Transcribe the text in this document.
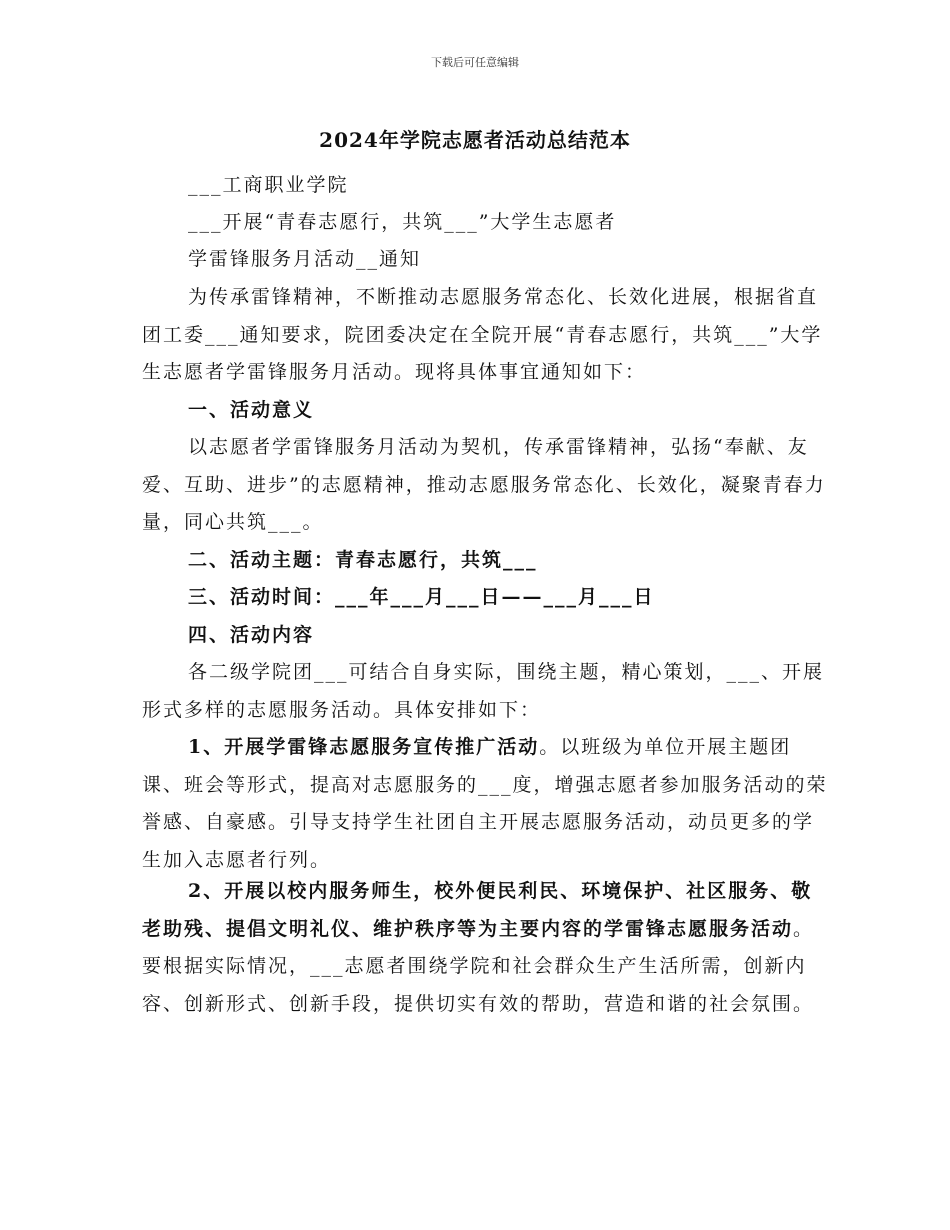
下载后可任意编辑
2024年学院志愿者活动总结范本

___工商职业学院

___开展“青春志愿行，共筑___”大学生志愿者

学雷锋服务月活动__通知

为传承雷锋精神，不断推动志愿服务常态化、长效化进展，根据省直团工委___通知要求，院团委决定在全院开展“青春志愿行，共筑___”大学生志愿者学雷锋服务月活动。现将具体事宜通知如下：

一、活动意义

以志愿者学雷锋服务月活动为契机，传承雷锋精神，弘扬“奉献、友爱、互助、进步”的志愿精神，推动志愿服务常态化、长效化，凝聚青春力量，同心共筑___。

二、活动主题：青春志愿行，共筑___

三、活动时间：___年___月___日——___月___日

四、活动内容

各二级学院团___可结合自身实际，围绕主题，精心策划，___、开展形式多样的志愿服务活动。具体安排如下：

1、开展学雷锋志愿服务宣传推广活动。以班级为单位开展主题团课、班会等形式，提高对志愿服务的___度，增强志愿者参加服务活动的荣誉感、自豪感。引导支持学生社团自主开展志愿服务活动，动员更多的学生加入志愿者行列。

2、开展以校内服务师生，校外便民利民、环境保护、社区服务、敬老助残、提倡文明礼仪、维护秩序等为主要内容的学雷锋志愿服务活动。要根据实际情况，___志愿者围绕学院和社会群众生产生活所需，创新内容、创新形式、创新手段，提供切实有效的帮助，营造和谐的社会氛围。
